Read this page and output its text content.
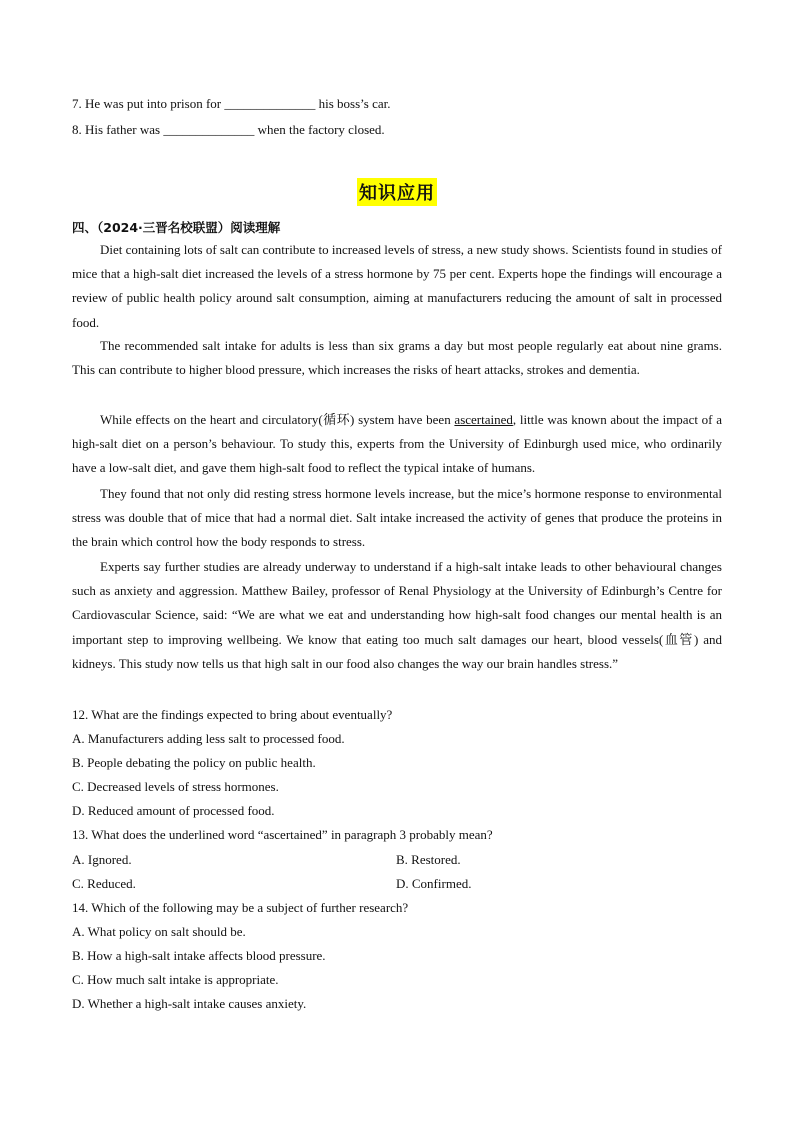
7. He was put into prison for ______________ his boss’s car.
8. His father was ______________ when the factory closed.
知识应用
四、（2024·三晋名校联盟）阅读理解
Diet containing lots of salt can contribute to increased levels of stress, a new study shows. Scientists found in studies of mice that a high-salt diet increased the levels of a stress hormone by 75 per cent. Experts hope the findings will encourage a review of public health policy around salt consumption, aiming at manufacturers reducing the amount of salt in processed food.
The recommended salt intake for adults is less than six grams a day but most people regularly eat about nine grams. This can contribute to higher blood pressure, which increases the risks of heart attacks, strokes and dementia.
While effects on the heart and circulatory(循环) system have been ascertained, little was known about the impact of a high-salt diet on a person’s behaviour. To study this, experts from the University of Edinburgh used mice, who ordinarily have a low-salt diet, and gave them high-salt food to reflect the typical intake of humans.
They found that not only did resting stress hormone levels increase, but the mice’s hormone response to environmental stress was double that of mice that had a normal diet. Salt intake increased the activity of genes that produce the proteins in the brain which control how the body responds to stress.
Experts say further studies are already underway to understand if a high-salt intake leads to other behavioural changes such as anxiety and aggression. Matthew Bailey, professor of Renal Physiology at the University of Edinburgh’s Centre for Cardiovascular Science, said: “We are what we eat and understanding how high-salt food changes our mental health is an important step to improving wellbeing. We know that eating too much salt damages our heart, blood vessels(血管) and kidneys. This study now tells us that high salt in our food also changes the way our brain handles stress.”
12. What are the findings expected to bring about eventually?
A. Manufacturers adding less salt to processed food.
B. People debating the policy on public health.
C. Decreased levels of stress hormones.
D. Reduced amount of processed food.
13. What does the underlined word “ascertained” in paragraph 3 probably mean?
A. Ignored.	B. Restored.
C. Reduced.	D. Confirmed.
14. Which of the following may be a subject of further research?
A. What policy on salt should be.
B. How a high-salt intake affects blood pressure.
C. How much salt intake is appropriate.
D. Whether a high-salt intake causes anxiety.
